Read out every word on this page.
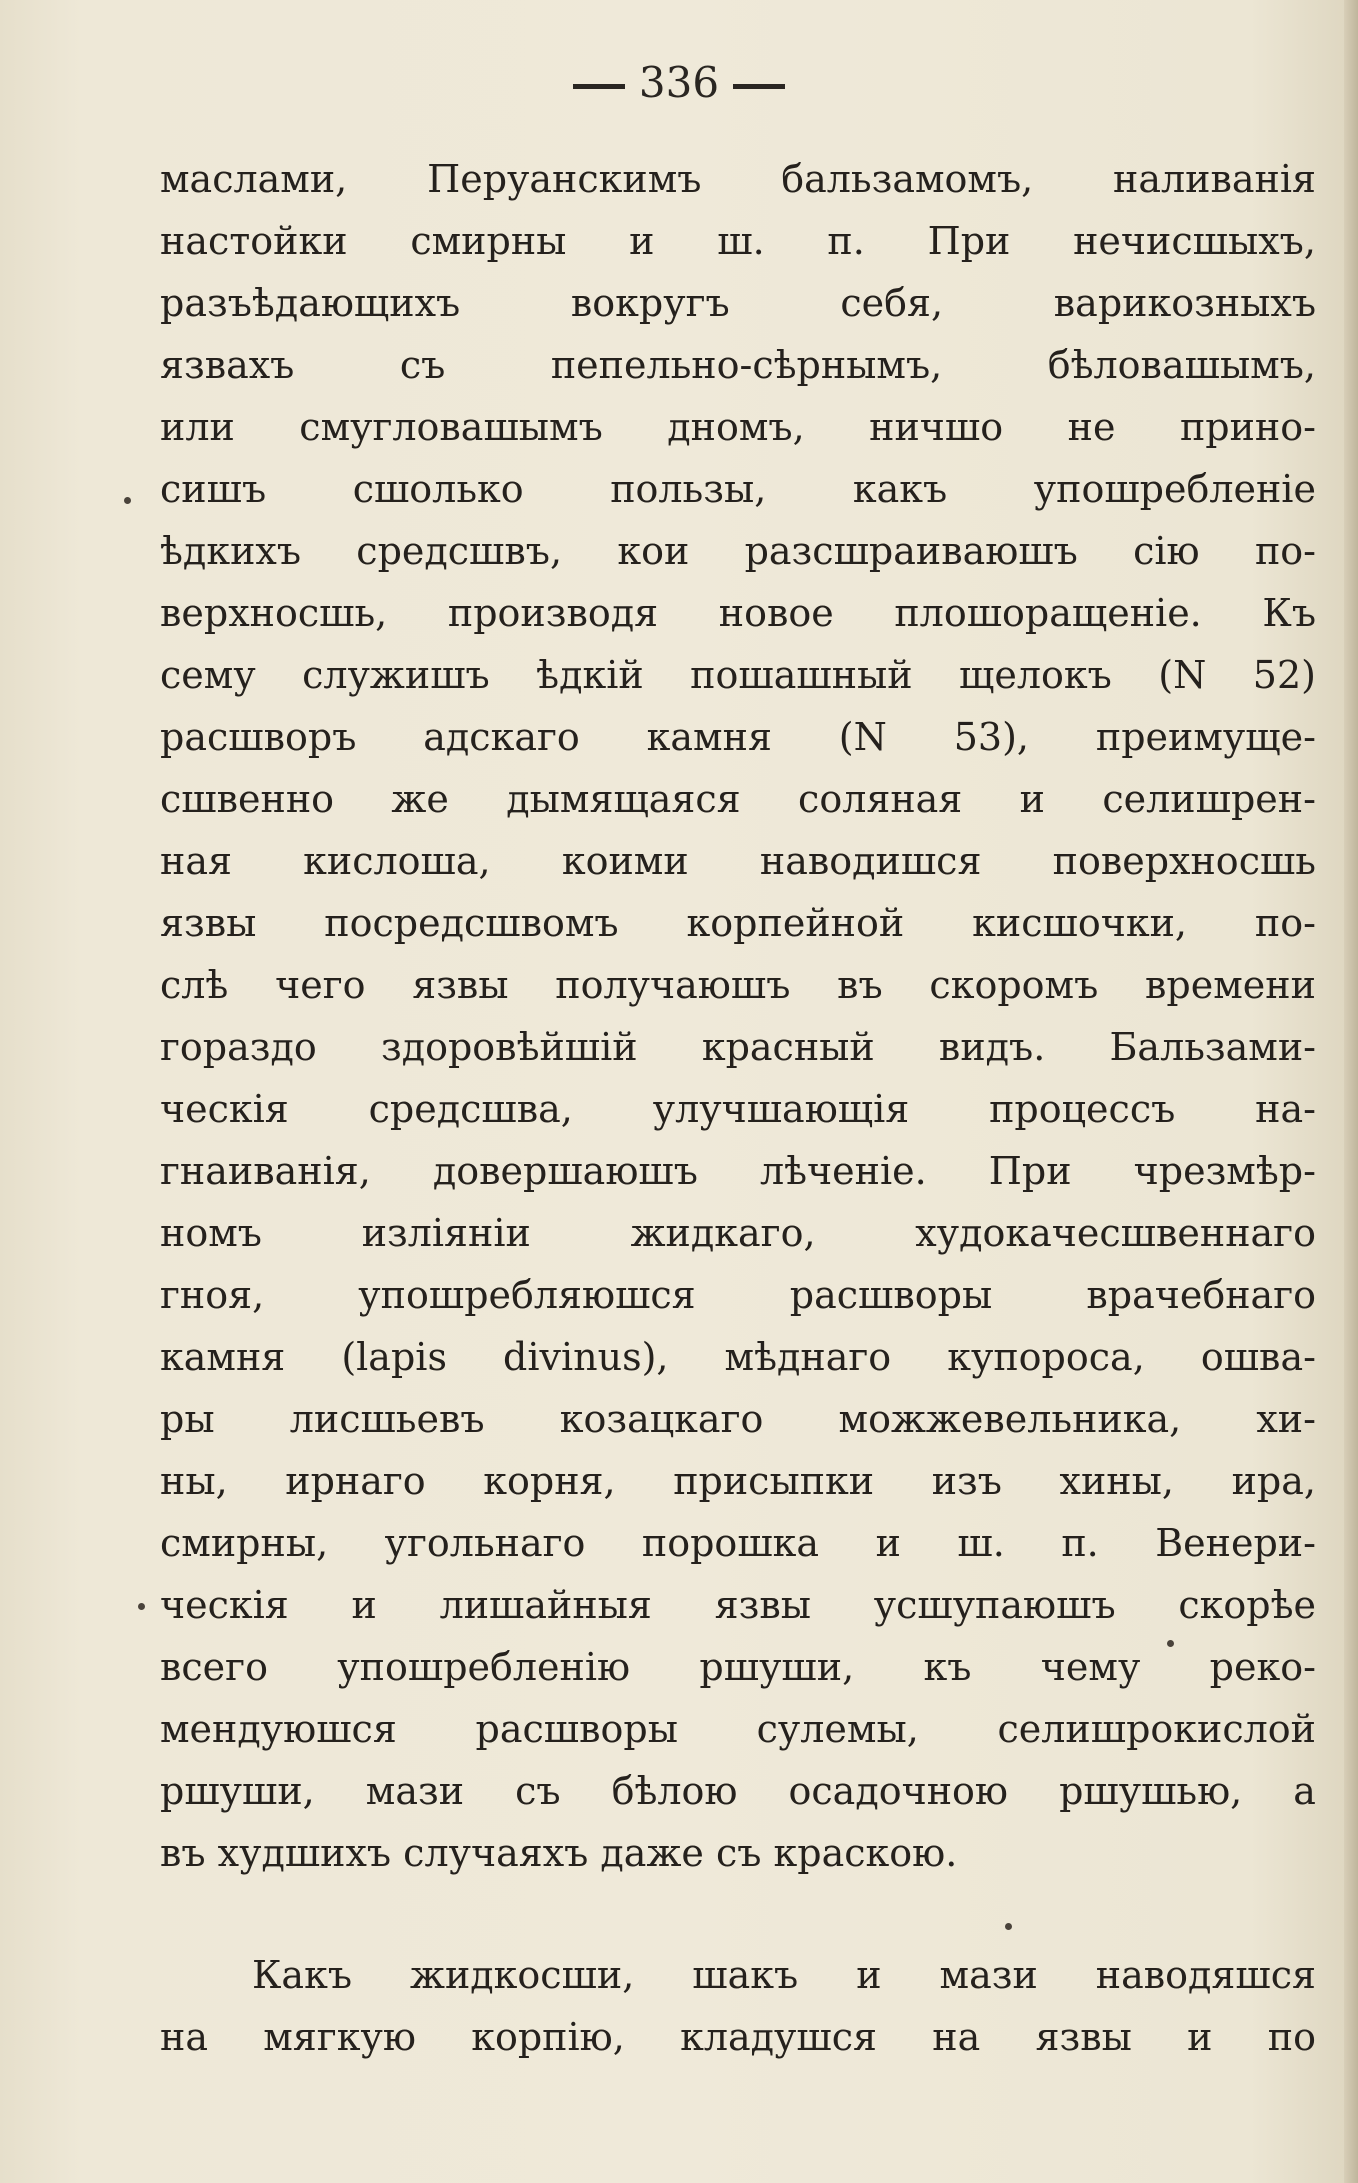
336
маслами, Перуанскимъ бальзамомъ, наливанія
настойки смирны и ш. п. При нечисшыхъ,
разъѣдающихъ	вокругъ	себя,	варикозныхъ
язвахъ	съ	пепельно-сѣрнымъ,	бѣловашымъ,
или смугловашымъ дномъ, ничшо не прино-
сишъ сшолько пользы, какъ упошребленіе
ѣдкихъ средсшвъ, кои разсшраиваюшъ сію по-
верхносшь, производя новое плошоращеніе. Къ
сему служишъ ѣдкій пошашный щелокъ (N 52)
расшворъ адскаго камня (N 53), преимуще-
сшвенно же дымящаяся соляная и селишрен-
ная кислоша, коими наводишся поверхносшь
язвы посредсшвомъ корпейной кисшочки, по-
слѣ чего язвы получаюшъ въ скоромъ времени
гораздо здоровѣйшій красный видъ. Бальзами-
ческія средсшва, улучшающія процессъ на-
гнаиванія, довершаюшъ лѣченіе. При чрезмѣр-
номъ	изліяніи	жидкаго,	худокачесшвеннаго
гноя, упошребляюшся расшворы врачебнаго
камня (lapis divinus), мѣднаго купороса, ошва-
ры лисшьевъ козацкаго можжевельника, хи-
ны, ирнаго корня, присыпки изъ хины, ира,
смирны, угольнаго порошка и ш. п. Венери-
ческія и лишайныя язвы усшупаюшъ скорѣе
всего упошребленію ршуши, къ чему реко-
мендуюшся расшворы сулемы, селишрокислой
ршуши, мази съ бѣлою осадочною ршушью, а
въ худшихъ случаяхъ даже съ краскою.
Какъ жидкосши, шакъ и мази наводяшся
на мягкую корпію, кладушся на язвы и по
